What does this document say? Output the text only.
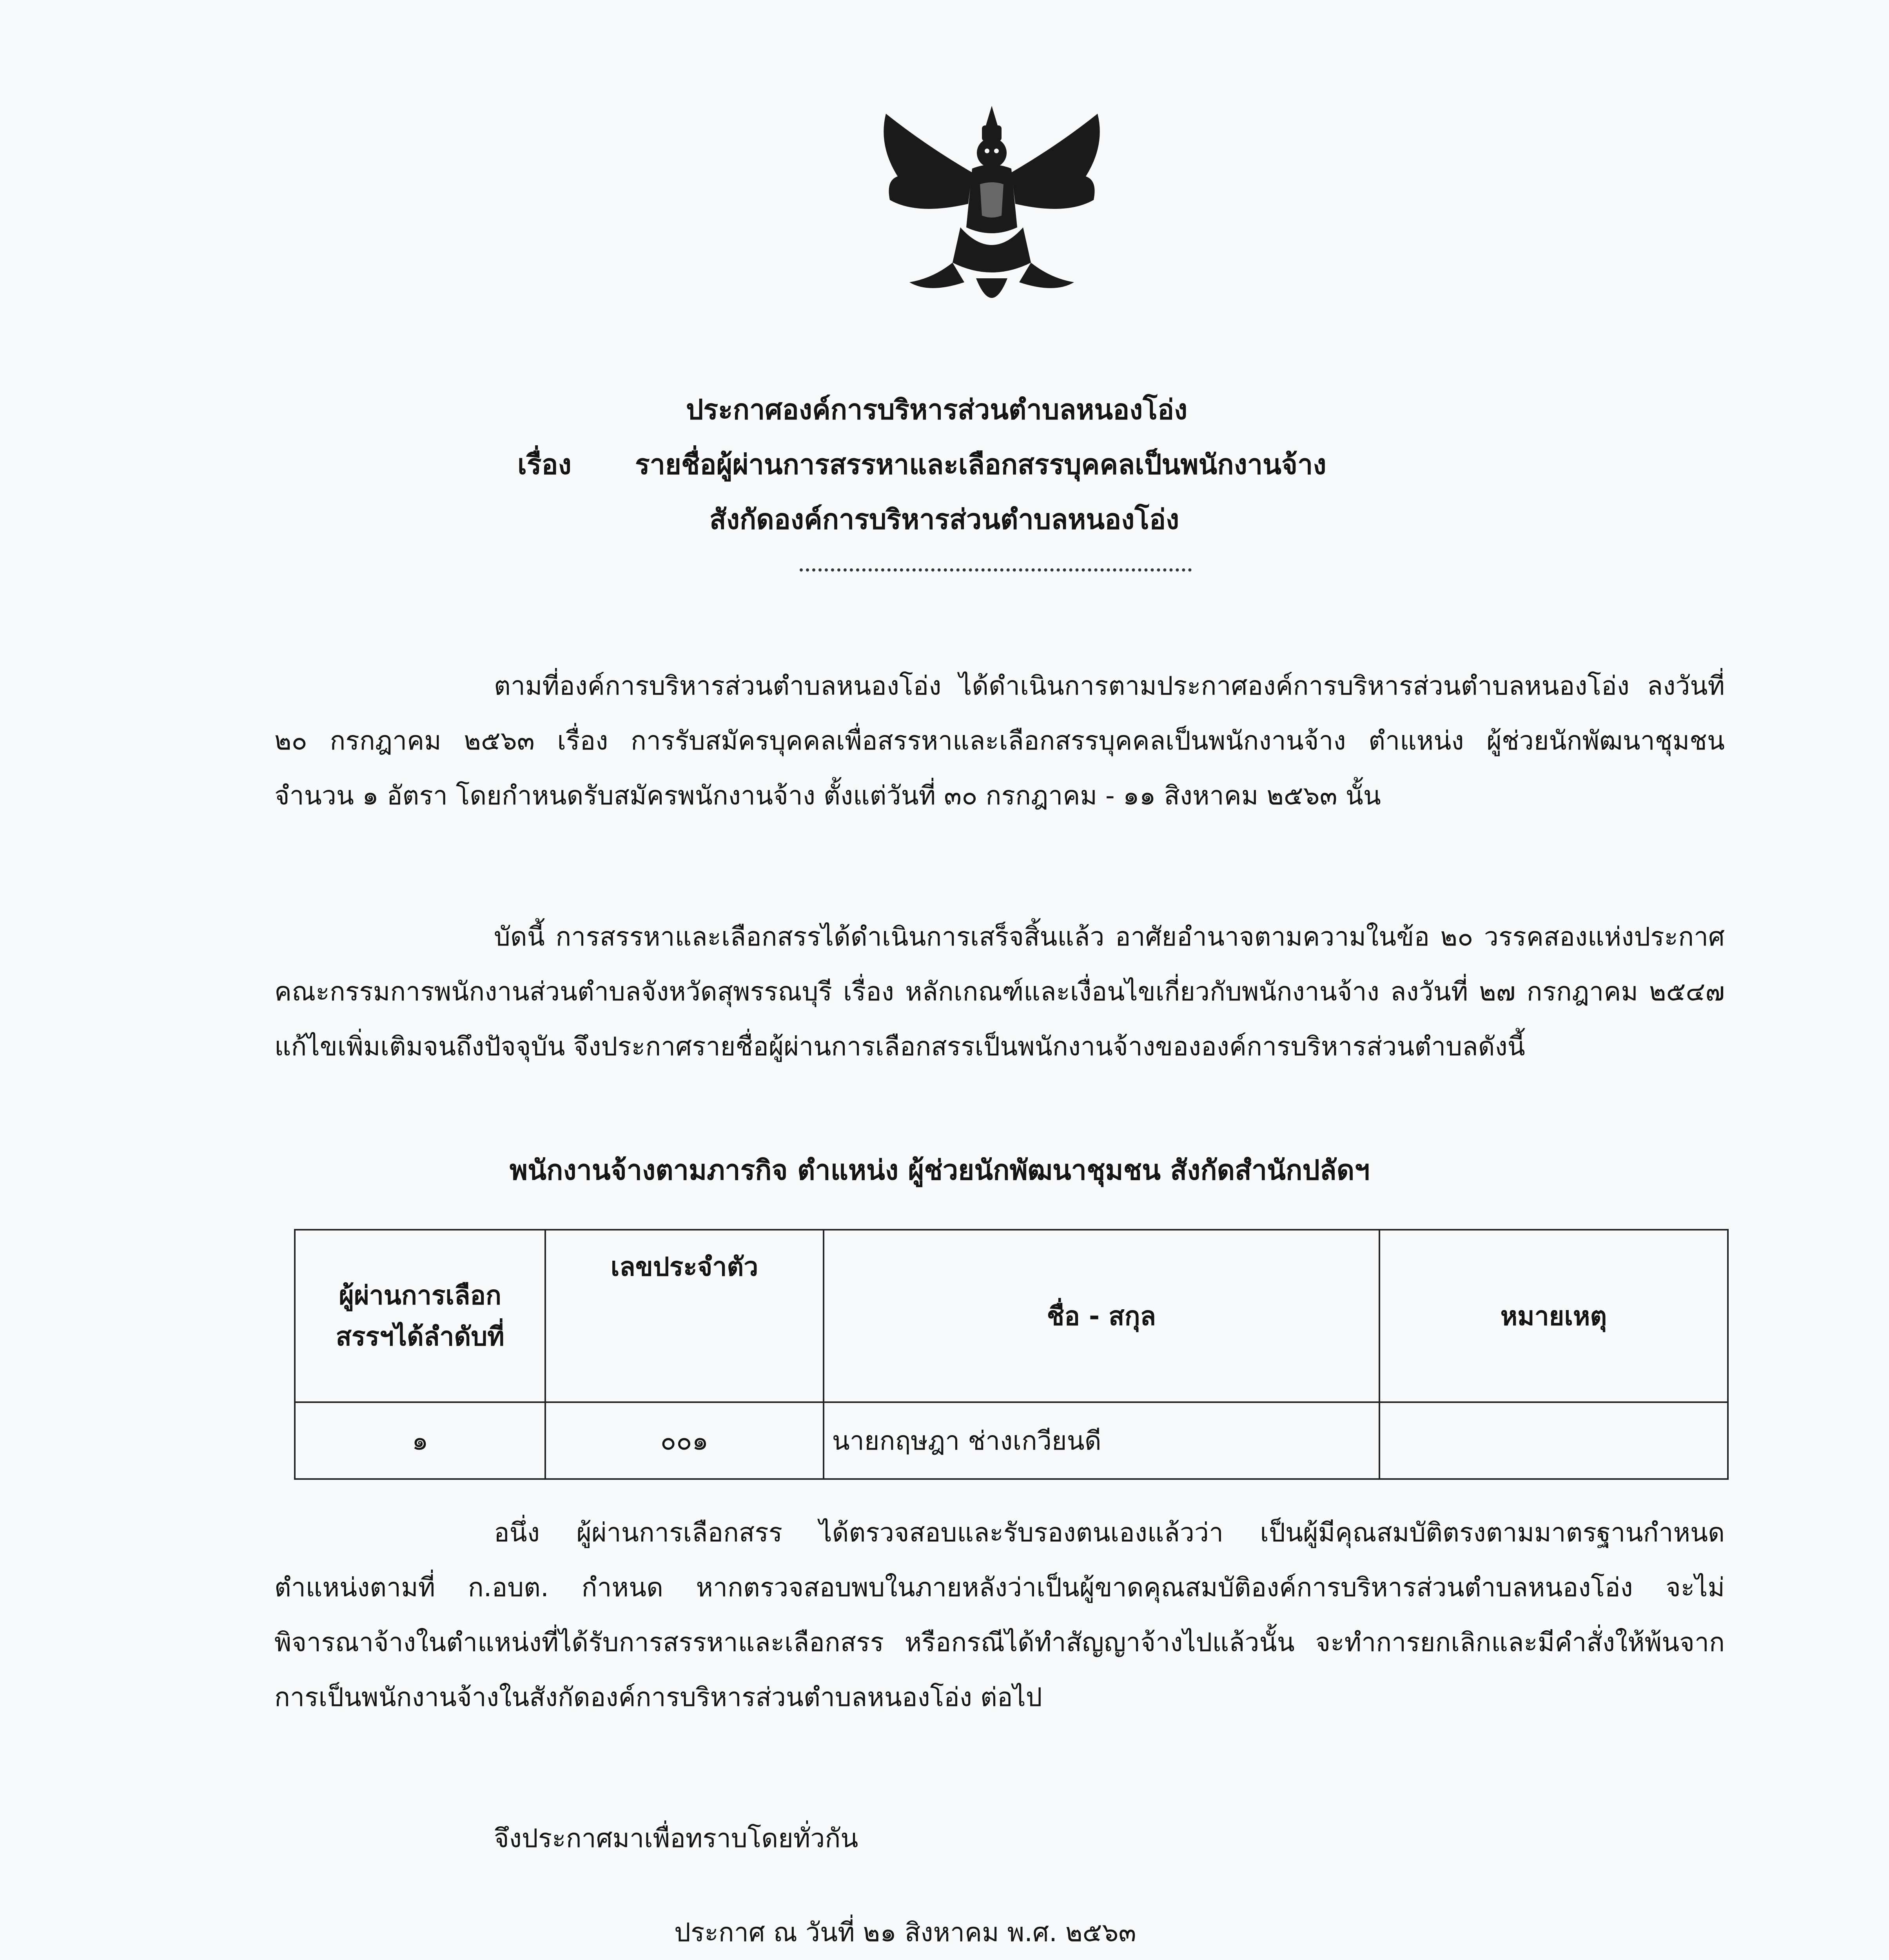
ประกาศองค์การบริหารส่วนตำบลหนองโอ่ง
เรื่อง รายชื่อผู้ผ่านการสรรหาและเลือกสรรบุคคลเป็นพนักงานจ้าง
สังกัดองค์การบริหารส่วนตำบลหนองโอ่ง
ตามที่องค์การบริหารส่วนตำบลหนองโอ่ง ได้ดำเนินการตามประกาศองค์การบริหารส่วนตำบลหนองโอ่ง ลงวันที่ ๒๐ กรกฎาคม ๒๕๖๓ เรื่อง การรับสมัครบุคคลเพื่อสรรหาและเลือกสรรบุคคลเป็นพนักงานจ้าง ตำแหน่ง ผู้ช่วยนักพัฒนาชุมชน จำนวน ๑ อัตรา โดยกำหนดรับสมัครพนักงานจ้าง ตั้งแต่วันที่ ๓๐ กรกฎาคม - ๑๑ สิงหาคม ๒๕๖๓ นั้น
บัดนี้ การสรรหาและเลือกสรรได้ดำเนินการเสร็จสิ้นแล้ว อาศัยอำนาจตามความในข้อ ๒๐ วรรคสองแห่งประกาศคณะกรรมการพนักงานส่วนตำบลจังหวัดสุพรรณบุรี เรื่อง หลักเกณฑ์และเงื่อนไขเกี่ยวกับพนักงานจ้าง ลงวันที่ ๒๗ กรกฎาคม ๒๕๔๗ แก้ไขเพิ่มเติมจนถึงปัจจุบัน จึงประกาศรายชื่อผู้ผ่านการเลือกสรรเป็นพนักงานจ้างขององค์การบริหารส่วนตำบลดังนี้
พนักงานจ้างตามภารกิจ ตำแหน่ง ผู้ช่วยนักพัฒนาชุมชน สังกัดสำนักปลัดฯ
ผู้ผ่านการเลือกสรรฯได้ลำดับที่	เลขประจำตัว	ชื่อ - สกุล	หมายเหตุ
๑	๐๐๑	นายกฤษฎา ช่างเกวียนดี	
อนึ่ง ผู้ผ่านการเลือกสรร ได้ตรวจสอบและรับรองตนเองแล้วว่า เป็นผู้มีคุณสมบัติตรงตามมาตรฐานกำหนดตำแหน่งตามที่ ก.อบต. กำหนด หากตรวจสอบพบในภายหลังว่าเป็นผู้ขาดคุณสมบัติองค์การบริหารส่วนตำบลหนองโอ่ง จะไม่พิจารณาจ้างในตำแหน่งที่ได้รับการสรรหาและเลือกสรร หรือกรณีได้ทำสัญญาจ้างไปแล้วนั้น จะทำการยกเลิกและมีคำสั่งให้พ้นจากการเป็นพนักงานจ้างในสังกัดองค์การบริหารส่วนตำบลหนองโอ่ง ต่อไป
จึงประกาศมาเพื่อทราบโดยทั่วกัน
ประกาศ ณ วันที่ ๒๑ สิงหาคม พ.ศ. ๒๕๖๓
